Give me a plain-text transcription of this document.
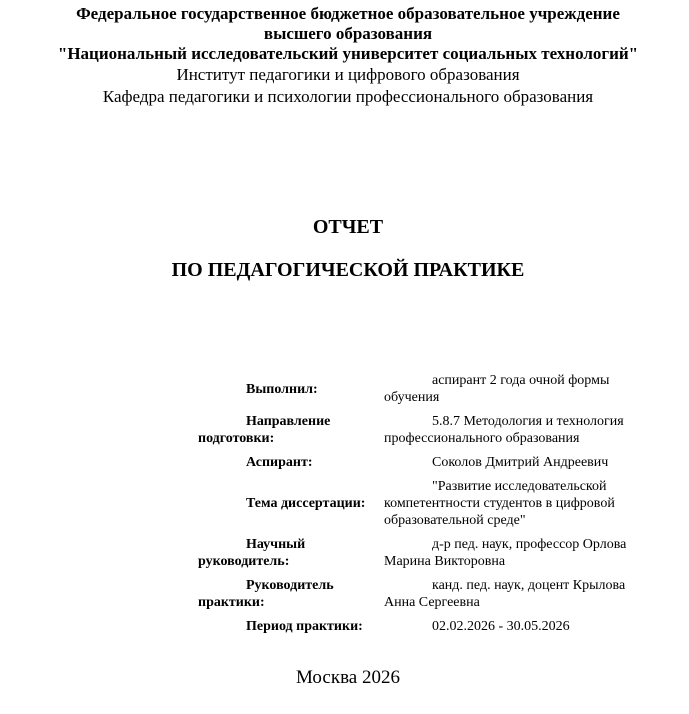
Федеральное государственное бюджетное образовательное учреждение
высшего образования
"Национальный исследовательский университет социальных технологий"
Институт педагогики и цифрового образования
Кафедра педагогики и психологии профессионального образования
ОТЧЕТ
ПО ПЕДАГОГИЧЕСКОЙ ПРАКТИКЕ
Выполнил:
аспирант 2 года очной формы обучения
Направление подготовки:
5.8.7 Методология и технология профессионального образования
Аспирант:	Соколов Дмитрий Андреевич
Тема диссертации:
"Развитие исследовательской компетентности студентов в цифровой образовательной среде"
Научный руководитель:
д-р пед. наук, профессор Орлова Марина Викторовна
Руководитель практики:
канд. пед. наук, доцент Крылова Анна Сергеевна
Период практики:	02.02.2026 - 30.05.2026
Москва 2026
